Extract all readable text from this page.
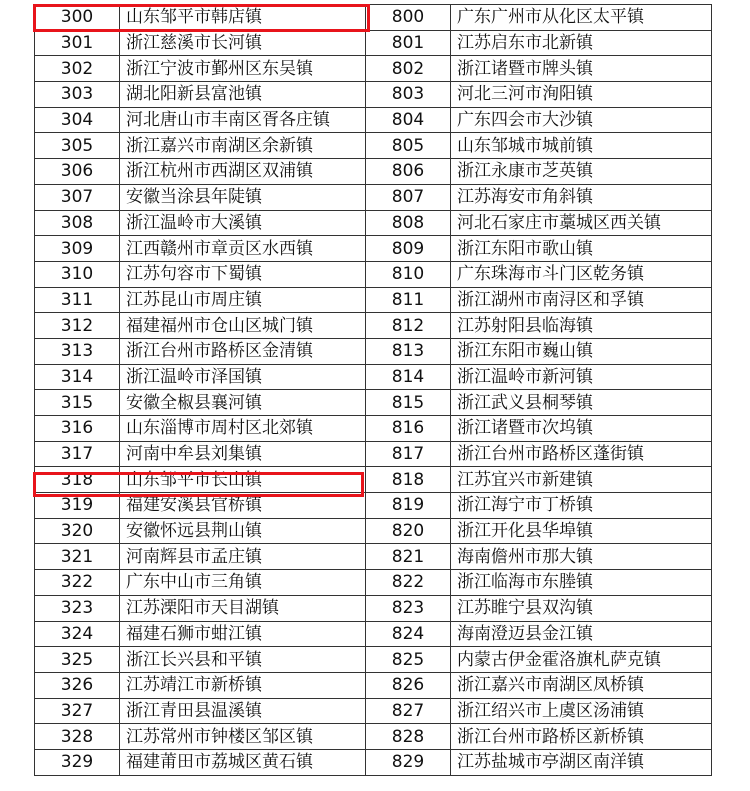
300	山东邹平市韩店镇	800	广东广州市从化区太平镇
301	浙江慈溪市长河镇	801	江苏启东市北新镇
302	浙江宁波市鄞州区东吴镇	802	浙江诸暨市牌头镇
303	湖北阳新县富池镇	803	河北三河市洵阳镇
304	河北唐山市丰南区胥各庄镇	804	广东四会市大沙镇
305	浙江嘉兴市南湖区余新镇	805	山东邹城市城前镇
306	浙江杭州市西湖区双浦镇	806	浙江永康市芝英镇
307	安徽当涂县年陡镇	807	江苏海安市角斜镇
308	浙江温岭市大溪镇	808	河北石家庄市藁城区西关镇
309	江西赣州市章贡区水西镇	809	浙江东阳市歌山镇
310	江苏句容市下蜀镇	810	广东珠海市斗门区乾务镇
311	江苏昆山市周庄镇	811	浙江湖州市南浔区和孚镇
312	福建福州市仓山区城门镇	812	江苏射阳县临海镇
313	浙江台州市路桥区金清镇	813	浙江东阳市巍山镇
314	浙江温岭市泽国镇	814	浙江温岭市新河镇
315	安徽全椒县襄河镇	815	浙江武义县桐琴镇
316	山东淄博市周村区北郊镇	816	浙江诸暨市次坞镇
317	河南中牟县刘集镇	817	浙江台州市路桥区蓬街镇
318	山东邹平市长山镇	818	江苏宜兴市新建镇
319	福建安溪县官桥镇	819	浙江海宁市丁桥镇
320	安徽怀远县荆山镇	820	浙江开化县华埠镇
321	河南辉县市孟庄镇	821	海南儋州市那大镇
322	广东中山市三角镇	822	浙江临海市东塍镇
323	江苏溧阳市天目湖镇	823	江苏睢宁县双沟镇
324	福建石狮市蚶江镇	824	海南澄迈县金江镇
325	浙江长兴县和平镇	825	内蒙古伊金霍洛旗札萨克镇
326	江苏靖江市新桥镇	826	浙江嘉兴市南湖区凤桥镇
327	浙江青田县温溪镇	827	浙江绍兴市上虞区汤浦镇
328	江苏常州市钟楼区邹区镇	828	浙江台州市路桥区新桥镇
329	福建莆田市荔城区黄石镇	829	江苏盐城市亭湖区南洋镇
